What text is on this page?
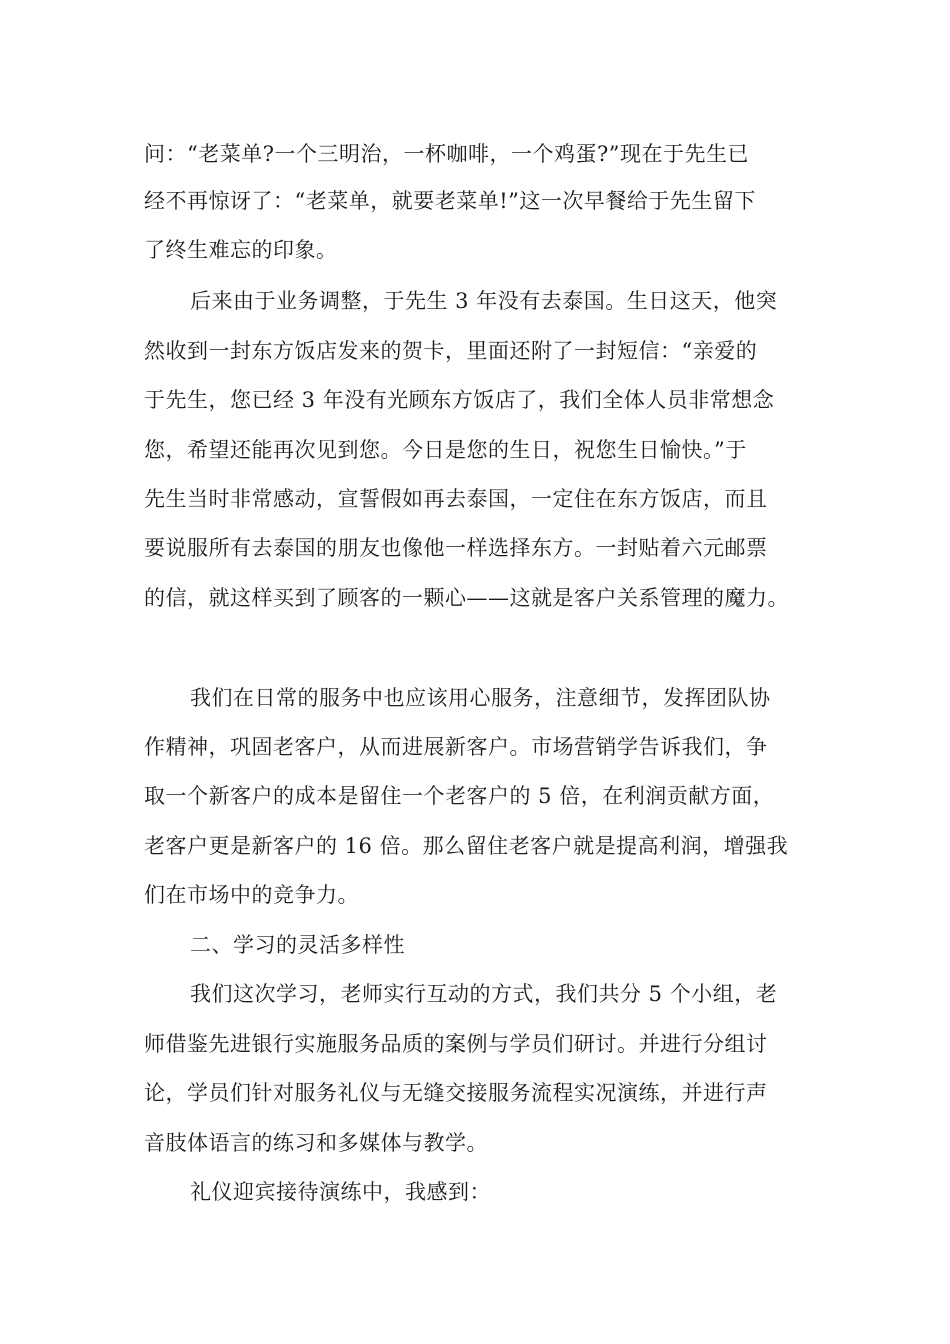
问：“老菜单?一个三明治，一杯咖啡，一个鸡蛋?”现在于先生已
经不再惊讶了：“老菜单，就要老菜单!”这一次早餐给于先生留下
了终生难忘的印象。
后来由于业务调整，于先生 3 年没有去泰国。生日这天，他突
然收到一封东方饭店发来的贺卡，里面还附了一封短信：“亲爱的
于先生，您已经 3 年没有光顾东方饭店了，我们全体人员非常想念
您，希望还能再次见到您。今日是您的生日，祝您生日愉快。”于
先生当时非常感动，宣誓假如再去泰国，一定住在东方饭店，而且
要说服所有去泰国的朋友也像他一样选择东方。一封贴着六元邮票
的信，就这样买到了顾客的一颗心——这就是客户关系管理的魔力。
我们在日常的服务中也应该用心服务，注意细节，发挥团队协
作精神，巩固老客户，从而进展新客户。市场营销学告诉我们，争
取一个新客户的成本是留住一个老客户的 5 倍，在利润贡献方面，
老客户更是新客户的 16 倍。那么留住老客户就是提高利润，增强我
们在市场中的竞争力。
二、学习的灵活多样性
我们这次学习，老师实行互动的方式，我们共分 5 个小组，老
师借鉴先进银行实施服务品质的案例与学员们研讨。并进行分组讨
论，学员们针对服务礼仪与无缝交接服务流程实况演练，并进行声
音肢体语言的练习和多媒体与教学。
礼仪迎宾接待演练中，我感到：
